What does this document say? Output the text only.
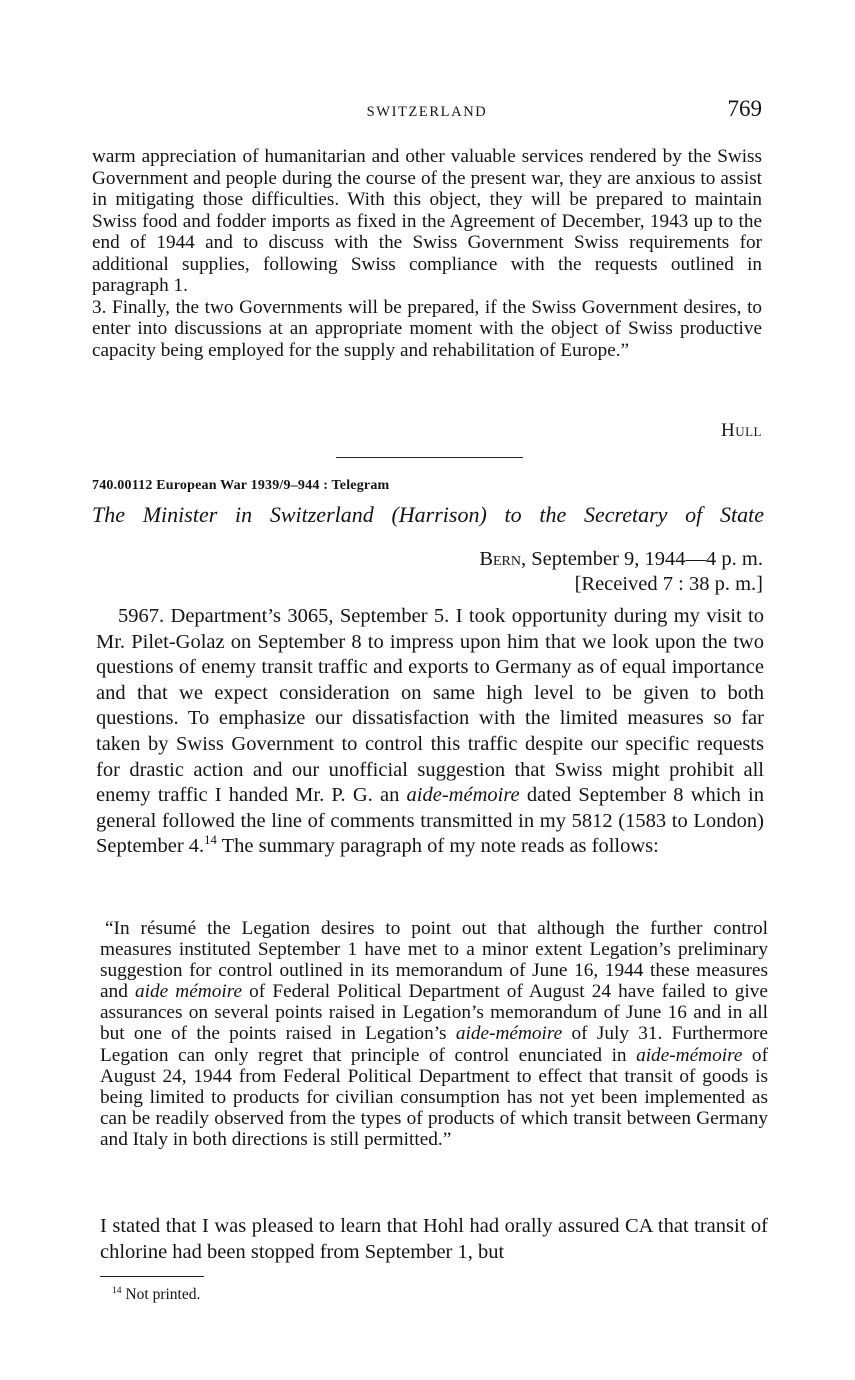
SWITZERLAND	769

warm appreciation of humanitarian and other valuable services rendered by the Swiss Government and people during the course of the present war, they are anxious to assist in mitigating those difficulties. With this object, they will be prepared to maintain Swiss food and fodder imports as fixed in the Agreement of December, 1943 up to the end of 1944 and to discuss with the Swiss Government Swiss requirements for additional supplies, following Swiss compliance with the requests outlined in paragraph 1.

3. Finally, the two Governments will be prepared, if the Swiss Government desires, to enter into discussions at an appropriate moment with the object of Swiss productive capacity being employed for the supply and rehabilitation of Europe.”

Hull
740.00112 European War 1939/9–944 : Telegram
The Minister in Switzerland (Harrison) to the Secretary of State
Bern, September 9, 1944—4 p. m.
[Received 7 : 38 p. m.]

5967. Department’s 3065, September 5. I took opportunity during my visit to Mr. Pilet-Golaz on September 8 to impress upon him that we look upon the two questions of enemy transit traffic and exports to Germany as of equal importance and that we expect consideration on same high level to be given to both questions. To emphasize our dissatisfaction with the limited measures so far taken by Swiss Government to control this traffic despite our specific requests for drastic action and our unofficial suggestion that Swiss might prohibit all enemy traffic I handed Mr. P. G. an aide-mémoire dated September 8 which in general followed the line of comments transmitted in my 5812 (1583 to London) September 4.14 The summary paragraph of my note reads as follows:

“In résumé the Legation desires to point out that although the further control measures instituted September 1 have met to a minor extent Legation’s preliminary suggestion for control outlined in its memorandum of June 16, 1944 these measures and aide mémoire of Federal Political Department of August 24 have failed to give assurances on several points raised in Legation’s memorandum of June 16 and in all but one of the points raised in Legation’s aide-mémoire of July 31. Furthermore Legation can only regret that principle of control enunciated in aide-mémoire of August 24, 1944 from Federal Political Department to effect that transit of goods is being limited to products for civilian consumption has not yet been implemented as can be readily observed from the types of products of which transit between Germany and Italy in both directions is still permitted.”

I stated that I was pleased to learn that Hohl had orally assured CA that transit of chlorine had been stopped from September 1, but

$^{14}$ Not printed.
